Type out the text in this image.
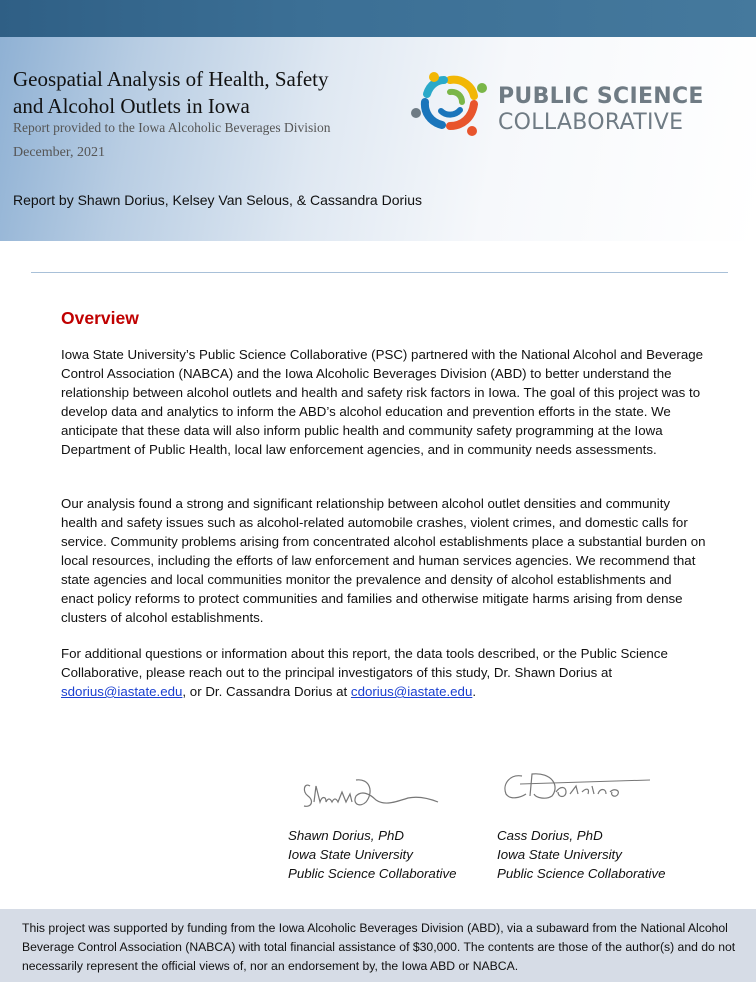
Geospatial Analysis of Health, Safety
and Alcohol Outlets in Iowa
Report provided to the Iowa Alcoholic Beverages Division
December, 2021
Report by Shawn Dorius, Kelsey Van Selous, & Cassandra Dorius
PUBLIC SCIENCE
COLLABORATIVE
Overview
Iowa State University’s Public Science Collaborative (PSC) partnered with the National Alcohol and Beverage Control Association (NABCA) and the Iowa Alcoholic Beverages Division (ABD) to better understand the relationship between alcohol outlets and health and safety risk factors in Iowa. The goal of this project was to develop data and analytics to inform the ABD’s alcohol education and prevention efforts in the state. We anticipate that these data will also inform public health and community safety programming at the Iowa Department of Public Health, local law enforcement agencies, and in community needs assessments.
Our analysis found a strong and significant relationship between alcohol outlet densities and community health and safety issues such as alcohol-related automobile crashes, violent crimes, and domestic calls for service. Community problems arising from concentrated alcohol establishments place a substantial burden on local resources, including the efforts of law enforcement and human services agencies. We recommend that state agencies and local communities monitor the prevalence and density of alcohol establishments and enact policy reforms to protect communities and families and otherwise mitigate harms arising from dense clusters of alcohol establishments.
For additional questions or information about this report, the data tools described, or the Public Science Collaborative, please reach out to the principal investigators of this study, Dr. Shawn Dorius at sdorius@iastate.edu, or Dr. Cassandra Dorius at cdorius@iastate.edu.
Shawn Dorius, PhD
Iowa State University
Public Science Collaborative
Cass Dorius, PhD
Iowa State University
Public Science Collaborative
This project was supported by funding from the Iowa Alcoholic Beverages Division (ABD), via a subaward from the National Alcohol Beverage Control Association (NABCA) with total financial assistance of $30,000. The contents are those of the author(s) and do not necessarily represent the official views of, nor an endorsement by, the Iowa ABD or NABCA.
